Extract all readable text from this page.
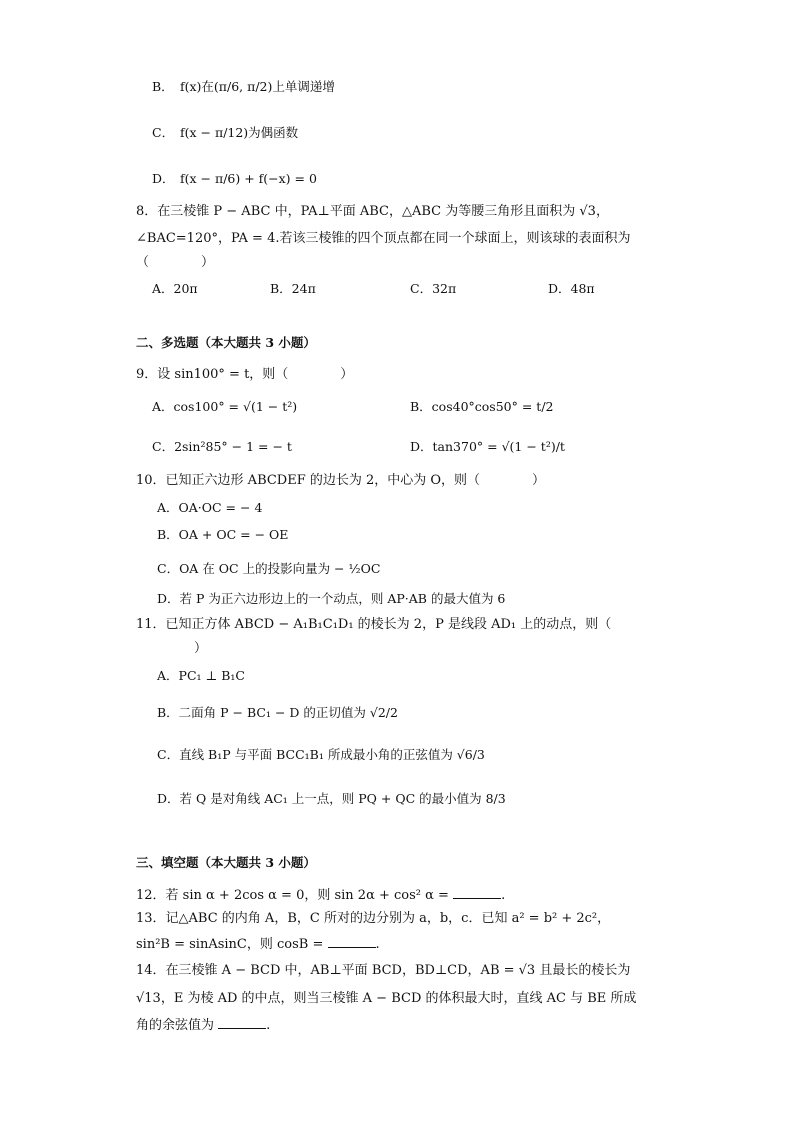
B． f(x)在(π/6, π/2)上单调递增
C． f(x − π/12)为偶函数
D． f(x − π/6) + f(−x) = 0
8．在三棱锥 P − ABC 中，PA⊥平面 ABC，△ABC 为等腰三角形且面积为 √3，
∠BAC=120°，PA = 4.若该三棱锥的四个顶点都在同一个球面上，则该球的表面积为
（　　　　）
A．20π	B．24π	C．32π	D．48π
二、多选题（本大题共 3 小题）
9．设 sin100° = t，则（　　　　）
A．cos100° = √(1 − t²)	B．cos40°cos50° = t/2
C．2sin²85° − 1 = − t	D．tan370° = √(1 − t²)/t
10．已知正六边形 ABCDEF 的边长为 2，中心为 O，则（　　　　）
A．OA·OC = − 4
B．OA + OC = − OE
C．OA 在 OC 上的投影向量为 − ½OC
D．若 P 为正六边形边上的一个动点，则 AP·AB 的最大值为 6
11．已知正方体 ABCD − A₁B₁C₁D₁ 的棱长为 2，P 是线段 AD₁ 上的动点，则（
）
A．PC₁ ⊥ B₁C
B．二面角 P − BC₁ − D 的正切值为 √2/2
C．直线 B₁P 与平面 BCC₁B₁ 所成最小角的正弦值为 √6/3
D．若 Q 是对角线 AC₁ 上一点，则 PQ + QC 的最小值为 8/3
三、填空题（本大题共 3 小题）
12．若 sin α + 2cos α = 0，则 sin 2α + cos² α =	.
13．记△ABC 的内角 A，B，C 所对的边分别为 a，b，c．已知 a² = b² + 2c²，
sin²B = sinAsinC，则 cosB =	.
14．在三棱锥 A − BCD 中，AB⊥平面 BCD，BD⊥CD，AB = √3 且最长的棱长为
√13，E 为棱 AD 的中点，则当三棱锥 A − BCD 的体积最大时，直线 AC 与 BE 所成
角的余弦值为	.
